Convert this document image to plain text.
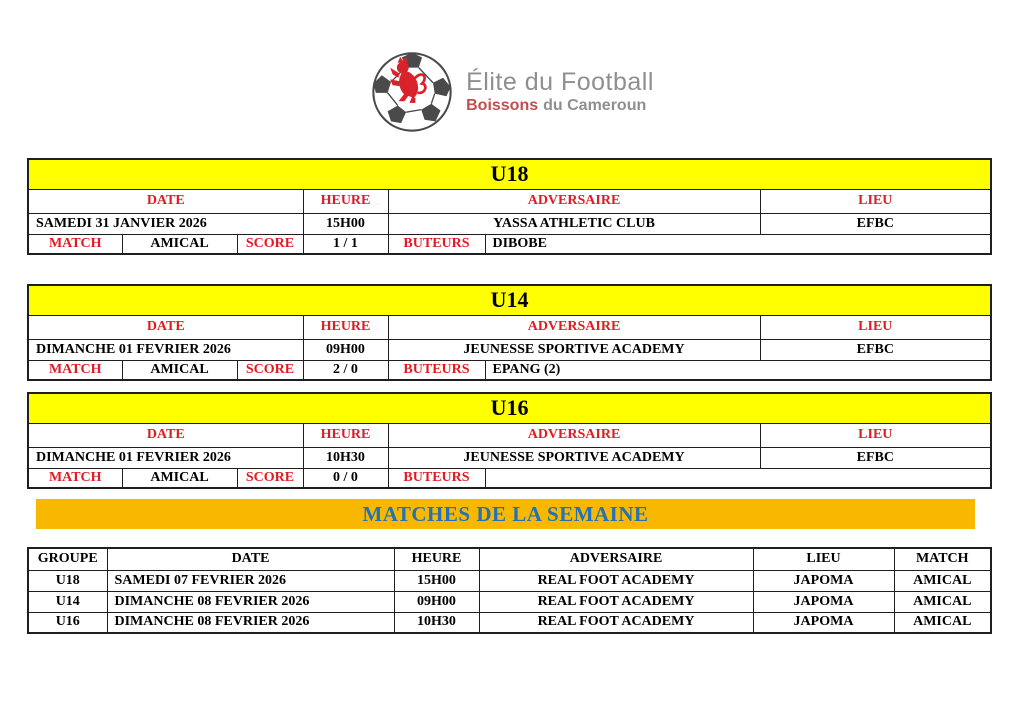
Élite du Football
Boissons du Cameroun
U18						
DATE			HEURE	ADVERSAIRE		LIEU
SAMEDI 31 JANVIER 2026			15H00	YASSA ATHLETIC CLUB		EFBC
MATCH	AMICAL	SCORE	1 / 1	BUTEURS	DIBOBE	
U14						
DATE			HEURE	ADVERSAIRE		LIEU
DIMANCHE 01 FEVRIER 2026			09H00	JEUNESSE SPORTIVE ACADEMY		EFBC
MATCH	AMICAL	SCORE	2 / 0	BUTEURS	EPANG (2)	
U16						
DATE			HEURE	ADVERSAIRE		LIEU
DIMANCHE 01 FEVRIER 2026			10H30	JEUNESSE SPORTIVE ACADEMY		EFBC
MATCH	AMICAL	SCORE	0 / 0	BUTEURS		
MATCHES DE LA SEMAINE
GROUPE	DATE	HEURE	ADVERSAIRE	LIEU	MATCH
U18	SAMEDI 07 FEVRIER 2026	15H00	REAL FOOT ACADEMY	JAPOMA	AMICAL
U14	DIMANCHE 08 FEVRIER 2026	09H00	REAL FOOT ACADEMY	JAPOMA	AMICAL
U16	DIMANCHE 08 FEVRIER 2026	10H30	REAL FOOT ACADEMY	JAPOMA	AMICAL
